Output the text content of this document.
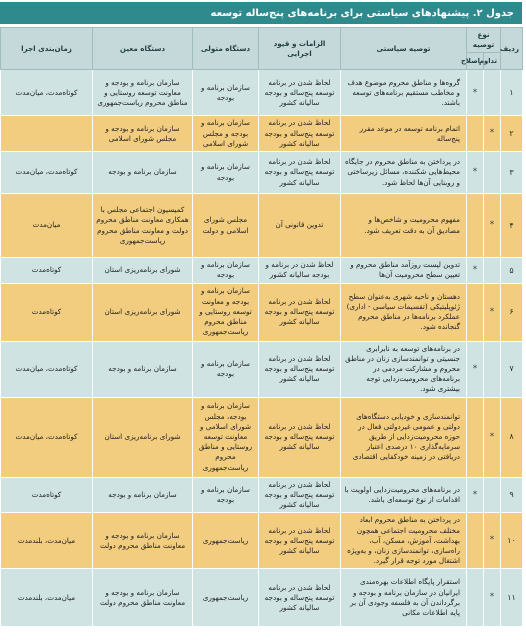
جدول ۲. پیشنهادهای سیاستی برای برنامه‌های پنج‌ساله توسعه
ردیف	نوع توصیه		توصیه سیاستی	الزامات و قیود اجرایی	دستگاه متولی	دستگاه معین	زمان‌بندی اجرا
	تداوم	اصلاح					
۱		*	گروه‌ها و مناطق محروم موضوع هدف و مخاطب مستقیم برنامه‌های توسعه باشند.	لحاظ شدن در برنامه توسعه پنج‌ساله و بودجه سالیانه کشور	سازمان برنامه و بودجه	سازمان برنامه و بودجه و معاونت توسعه روستایی و مناطق محروم ریاست‌جمهوری	کوتاه‌مدت، میان‌مدت
۲	*		اتمام برنامه توسعه در موعد مقرر پنج‌ساله	لحاظ شدن در برنامه توسعه پنج‌ساله و بودجه سالیانه کشور	سازمان برنامه و بودجه و مجلس شورای اسلامی	سازمان برنامه و بودجه و مجلس شورای اسلامی	
۳		*	در پرداختن به مناطق محروم در جایگاه محیط‌هایی شکننده، مسائل زیرساختی و روبنایی آن‌ها لحاظ شود.	لحاظ شدن در برنامه توسعه پنج‌ساله و بودجه سالیانه کشور	سازمان برنامه و بودجه	سازمان برنامه و بودجه	کوتاه‌مدت، میان‌مدت
۴	*		مفهوم محرومیت و شاخص‌ها و مصادیق آن به دقت تعریف شود.	تدوین قانونی آن	مجلس شورای اسلامی و دولت	کمیسیون اجتماعی مجلس با همکاری معاونت مناطق محروم دولت و معاونت مناطق محروم ریاست‌جمهوری	میان‌مدت
۵		*	تدوین لیست روزآمد مناطق محروم و تعیین سطح محرومیت آن‌ها	لحاظ شدن در برنامه و بودجه سالیانه کشور	سازمان برنامه و بودجه	شورای برنامه‌ریزی استان	کوتاه‌مدت
۶	*		دهستان و ناحیه شهری به‌عنوان سطح ژئوپلیتیکی (تقسیمات سیاسی - اداری) عملکرد برنامه‌ها در مناطق محروم گنجانده شود.	لحاظ شدن در برنامه توسعه پنج‌ساله و بودجه سالیانه کشور	سازمان برنامه و بودجه و معاونت توسعه روستایی و مناطق محروم ریاست‌جمهوری	شورای برنامه‌ریزی استان	کوتاه‌مدت
۷		*	در برنامه‌های توسعه به نابرابری جنسیتی و توانمندسازی زنان در مناطق محروم و مشارکت مردمی در برنامه‌های محرومیت‌زدایی توجه بیشتری شود.	لحاظ شدن در برنامه توسعه پنج‌ساله و بودجه سالیانه کشور	سازمان برنامه و بودجه	سازمان برنامه و بودجه	کوتاه‌مدت، میان‌مدت
۸	*		توانمندسازی و خودیابی دستگاه‌های دولتی و عمومی غیردولتی فعال در حوزه محرومیت‌زدایی از طریق سرمایه‌گذاری ۱۰ درصدی اعتبار دریافتی در زمینه خودکفایی اقتصادی	لحاظ شدن در برنامه توسعه پنج‌ساله و بودجه سالیانه کشور	سازمان برنامه و بودجه، مجلس شورای اسلامی و معاونت توسعه روستایی و مناطق محروم ریاست‌جمهوری	شورای برنامه‌ریزی استان	کوتاه‌مدت، میان‌مدت
۹		*	در برنامه‌های محرومیت‌زدایی اولویت با اقدامات از نوع توسعه‌ای باشد.	لحاظ شدن در برنامه توسعه پنج‌ساله و بودجه سالیانه کشور	سازمان برنامه و بودجه	سازمان برنامه و بودجه	کوتاه‌مدت
۱۰	*		در پرداختن به مناطق محروم ابعاد مختلف محرومیت اجتماعی همچون بهداشت، آموزش، مسکن، آب، راه‌سازی، توانمندسازی زنان، و به‌ویژه اشتغال مورد توجه قرار گیرد.	لحاظ شدن در برنامه توسعه پنج‌ساله و بودجه سالیانه کشور	ریاست‌جمهوری	سازمان برنامه و بودجه و معاونت مناطق محروم دولت	میان‌مدت، بلندمدت
۱۱	*		استقرار پایگاه اطلاعات بهره‌مندی ایرانیان در سازمان برنامه و بودجه و برگرداندن آن به فلسفه وجودی آن بر پایه اطلاعات مکانی	لحاظ شدن در برنامه توسعه پنج‌ساله و بودجه سالیانه کشور	ریاست‌جمهوری	سازمان برنامه و بودجه و معاونت مناطق محروم دولت	میان‌مدت، بلندمدت
